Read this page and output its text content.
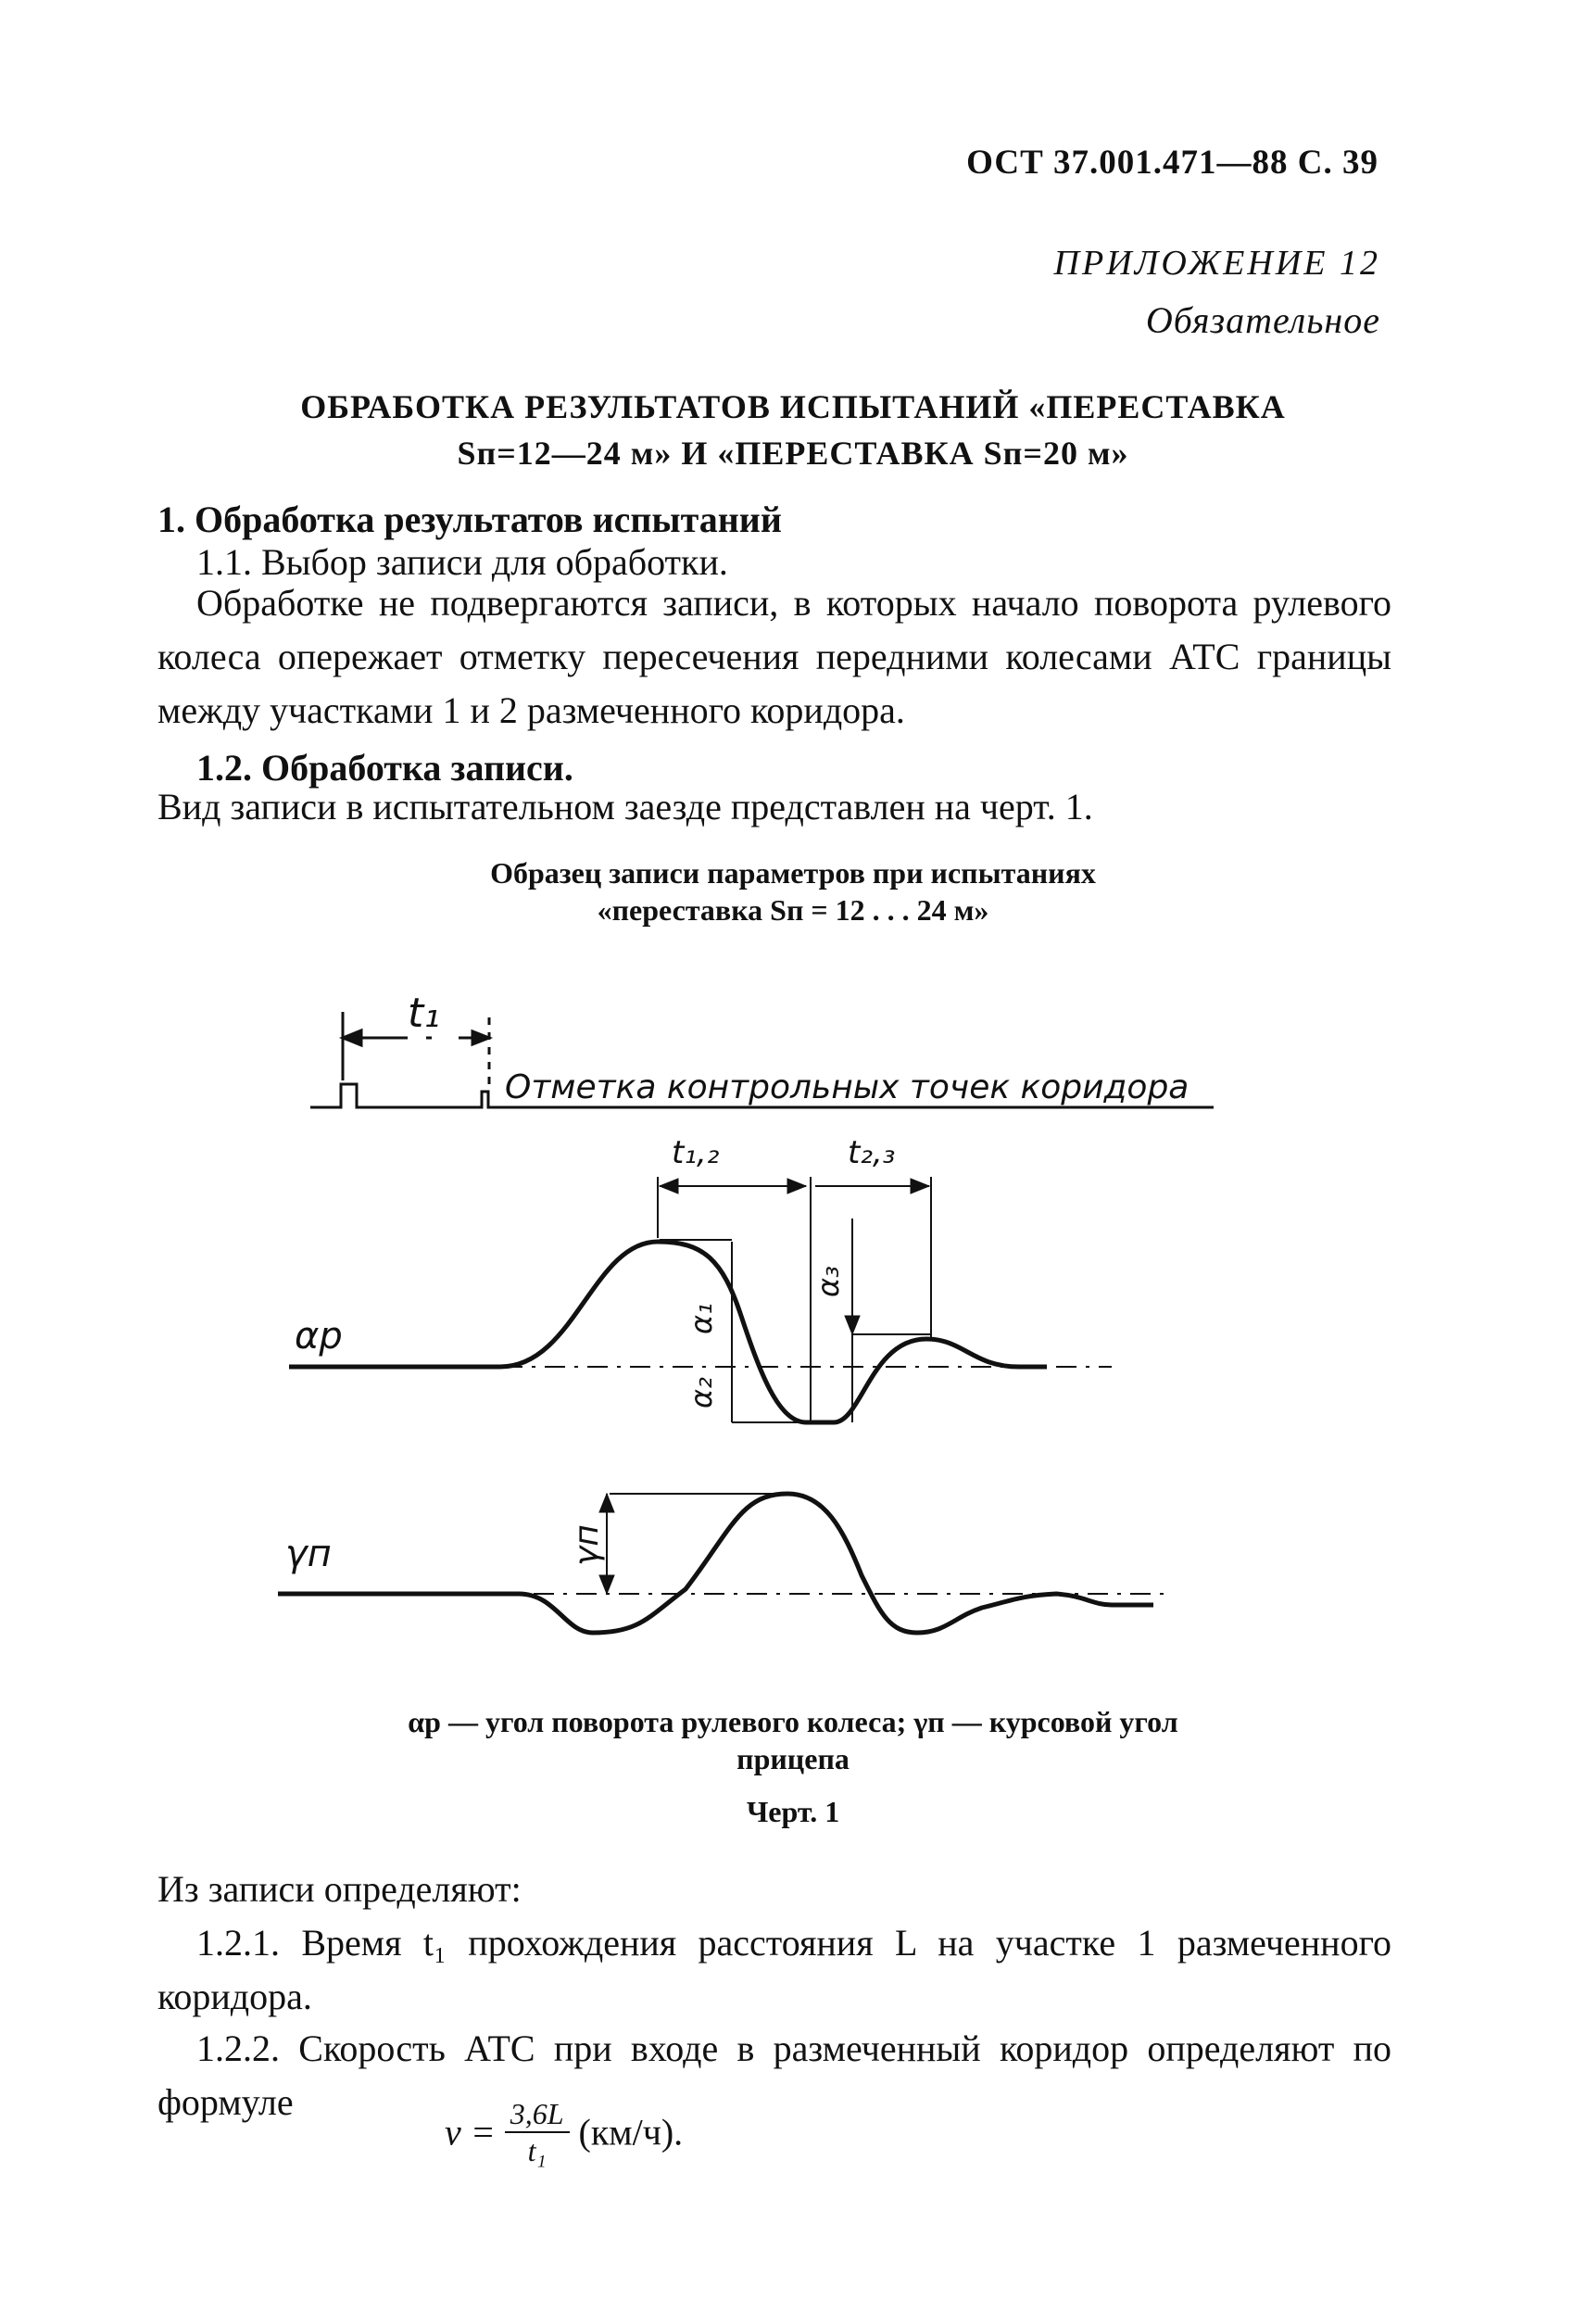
ОСТ 37.001.471—88 С. 39
ПРИЛОЖЕНИЕ 12
Обязательное
ОБРАБОТКА РЕЗУЛЬТАТОВ ИСПЫТАНИЙ «ПЕРЕСТАВКА
Sп=12—24 м» И «ПЕРЕСТАВКА Sп=20 м»
1. Обработка результатов испытаний
1.1. Выбор записи для обработки.
Обработке не подвергаются записи, в которых начало поворота рулевого колеса опережает отметку пересечения передними колесами АТС границы между участками 1 и 2 размеченного коридора.
1.2. Обработка записи.
Вид записи в испытательном заезде представлен на черт. 1.
Образец записи параметров при испытаниях
«переставка Sп = 12 . . . 24 м»
t₁
Отметка контрольных точек коридора
t₁,₂	t₂,₃
αр	α₁
α₂
α₃
γп	γп
αр — угол поворота рулевого колеса; γп — курсовой угол
прицепа
Черт. 1
Из записи определяют:
1.2.1. Время t₁ прохождения расстояния L на участке 1 размеченного коридора.
1.2.2. Скорость АТС при входе в размеченный коридор определяют по формуле
$v = \frac{3,6L}{\text{t₁}} (км/ч)$.
